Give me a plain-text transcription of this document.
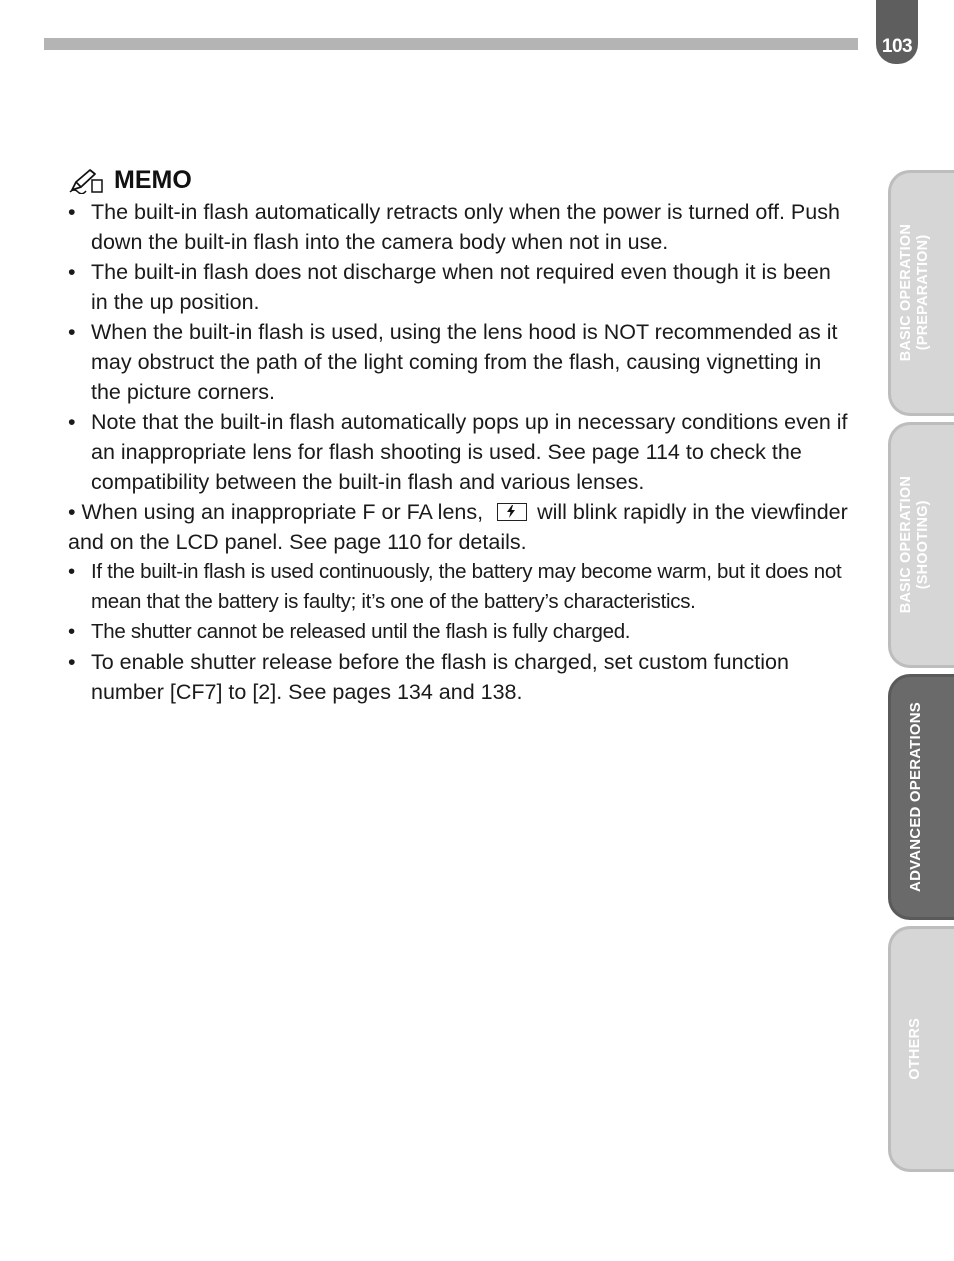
103
MEMO
• The built-in flash automatically retracts only when the power is turned off. Push down the built-in flash into the camera body when not in use.
• The built-in flash does not discharge when not required even though it is been in the up position.
• When the built-in flash is used, using the lens hood is NOT recommended as it may obstruct the path of the light coming from the flash, causing vignetting in the picture corners.
• Note that the built-in flash automatically pops up in necessary conditions even if an inappropriate lens for flash shooting is used. See page 114 to check the compatibility between the built-in flash and various lenses.
• When using an inappropriate F or FA lens,	will blink rapidly in the viewfinder and on the LCD panel. See page 110 for details.
• If the built-in flash is used continuously, the battery may become warm, but it does not mean that the battery is faulty; it’s one of the battery’s characteristics.
• The shutter cannot be released until the flash is fully charged.
• To enable shutter release before the flash is charged, set custom function number [CF7] to [2]. See pages 134 and 138.
BASIC OPERATION
(PREPARATION)
BASIC OPERATION
(SHOOTING)
ADVANCED OPERATIONS
OTHERS
